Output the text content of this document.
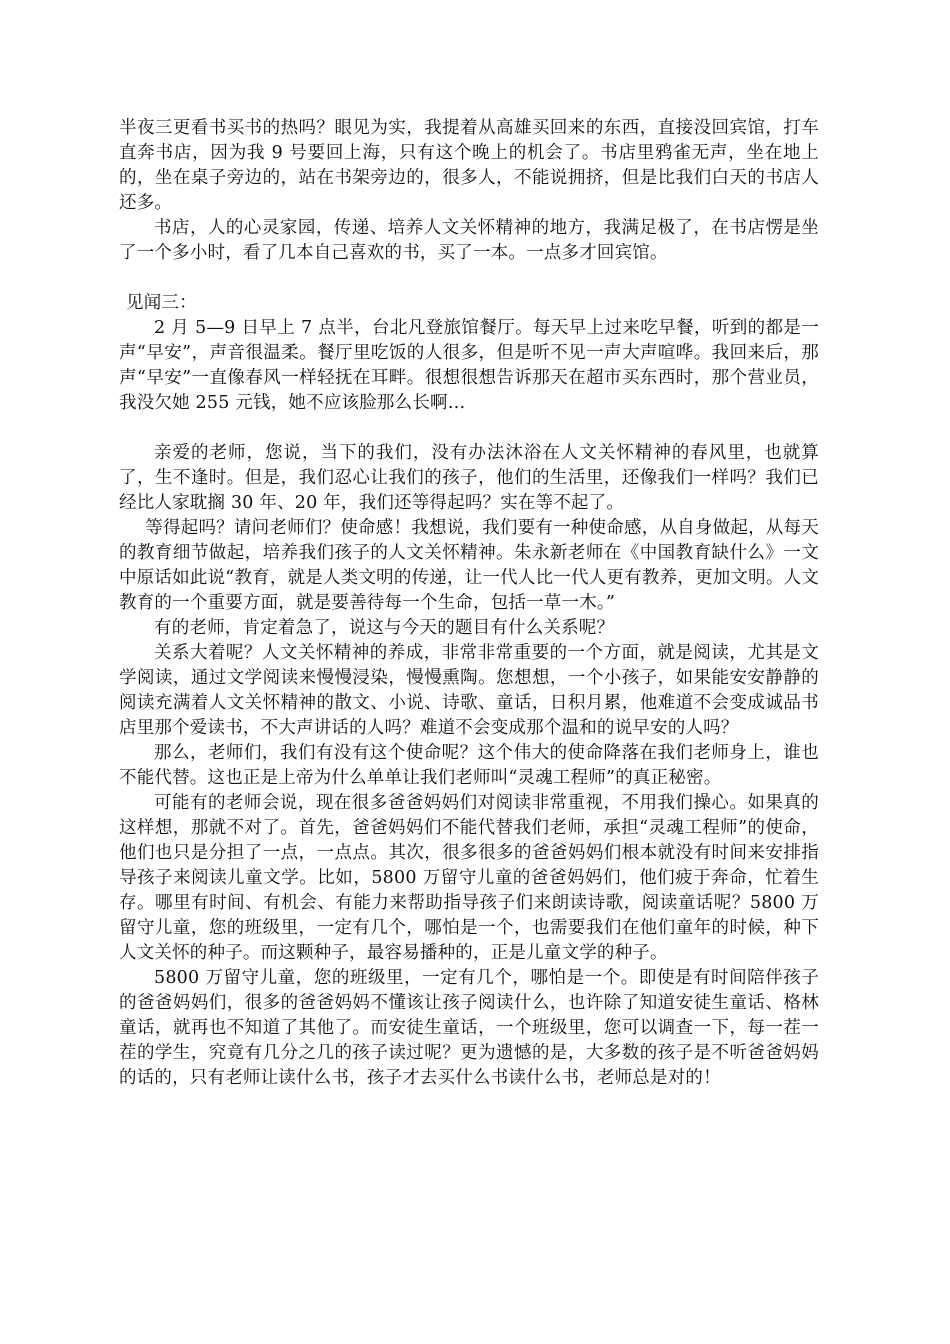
半夜三更看书买书的热吗？眼见为实，我提着从高雄买回来的东西，直接没回宾馆，打车直奔书店，因为我 9 号要回上海，只有这个晚上的机会了。书店里鸦雀无声，坐在地上的，坐在桌子旁边的，站在书架旁边的，很多人，不能说拥挤，但是比我们白天的书店人还多。

书店，人的心灵家园，传递、培养人文关怀精神的地方，我满足极了，在书店愣是坐了一个多小时，看了几本自己喜欢的书，买了一本。一点多才回宾馆。

见闻三：

2 月 5—9 日早上 7 点半，台北凡登旅馆餐厅。每天早上过来吃早餐，听到的都是一声“早安”，声音很温柔。餐厅里吃饭的人很多，但是听不见一声大声喧哗。我回来后，那声“早安”一直像春风一样轻抚在耳畔。很想很想告诉那天在超市买东西时，那个营业员，我没欠她 255 元钱，她不应该脸那么长啊…

亲爱的老师，您说，当下的我们，没有办法沐浴在人文关怀精神的春风里，也就算了，生不逢时。但是，我们忍心让我们的孩子，他们的生活里，还像我们一样吗？我们已经比人家耽搁 30 年、20 年，我们还等得起吗？实在等不起了。

等得起吗？请问老师们？使命感！我想说，我们要有一种使命感，从自身做起，从每天的教育细节做起，培养我们孩子的人文关怀精神。朱永新老师在《中国教育缺什么》一文中原话如此说“教育，就是人类文明的传递，让一代人比一代人更有教养，更加文明。人文教育的一个重要方面，就是要善待每一个生命，包括一草一木。”

有的老师，肯定着急了，说这与今天的题目有什么关系呢？

关系大着呢？人文关怀精神的养成，非常非常重要的一个方面，就是阅读，尤其是文学阅读，通过文学阅读来慢慢浸染，慢慢熏陶。您想想，一个小孩子，如果能安安静静的阅读充满着人文关怀精神的散文、小说、诗歌、童话，日积月累，他难道不会变成诚品书店里那个爱读书，不大声讲话的人吗？难道不会变成那个温和的说早安的人吗？

那么，老师们，我们有没有这个使命呢？这个伟大的使命降落在我们老师身上，谁也不能代替。这也正是上帝为什么单单让我们老师叫“灵魂工程师”的真正秘密。

可能有的老师会说，现在很多爸爸妈妈们对阅读非常重视，不用我们操心。如果真的这样想，那就不对了。首先，爸爸妈妈们不能代替我们老师，承担“灵魂工程师”的使命，他们也只是分担了一点，一点点。其次，很多很多的爸爸妈妈们根本就没有时间来安排指导孩子来阅读儿童文学。比如，5800 万留守儿童的爸爸妈妈们，他们疲于奔命，忙着生存。哪里有时间、有机会、有能力来帮助指导孩子们来朗读诗歌，阅读童话呢？5800 万留守儿童，您的班级里，一定有几个，哪怕是一个，也需要我们在他们童年的时候，种下人文关怀的种子。而这颗种子，最容易播种的，正是儿童文学的种子。

5800 万留守儿童，您的班级里，一定有几个，哪怕是一个。即使是有时间陪伴孩子的爸爸妈妈们，很多的爸爸妈妈不懂该让孩子阅读什么，也许除了知道安徒生童话、格林童话，就再也不知道了其他了。而安徒生童话，一个班级里，您可以调查一下，每一茬一茬的学生，究竟有几分之几的孩子读过呢？更为遗憾的是，大多数的孩子是不听爸爸妈妈的话的，只有老师让读什么书，孩子才去买什么书读什么书，老师总是对的！
